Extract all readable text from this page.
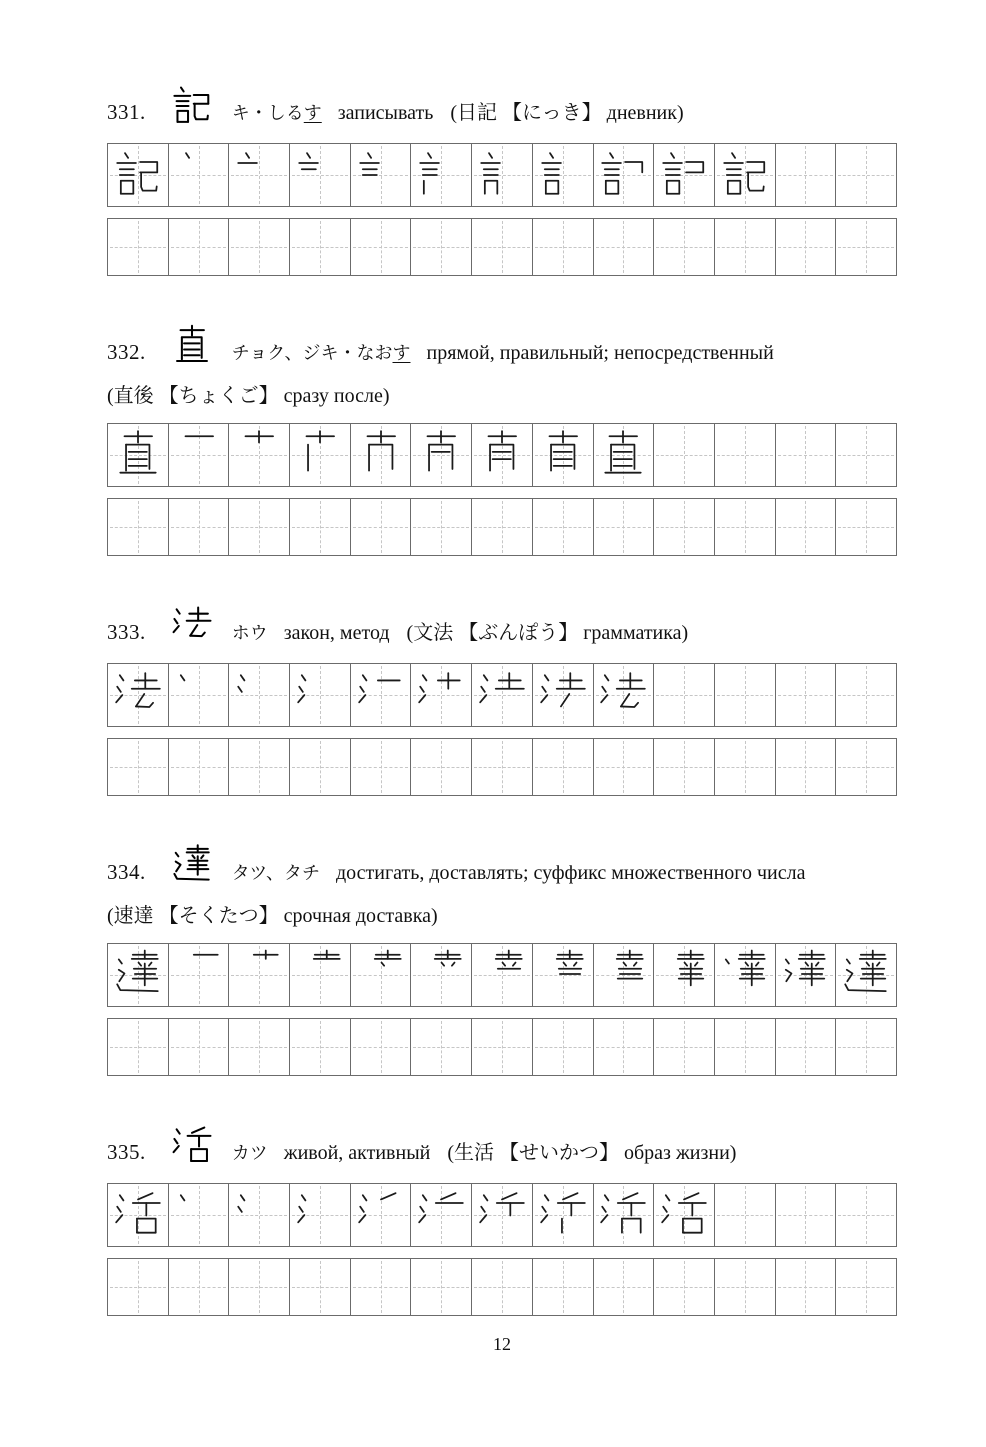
331.	キ・しるす записывать (日記 【にっき】 дневник)
332.	チョク、ジキ・なおす прямой, правильный; непосредственный
(直後 【ちょくご】 сразу после)
333.	ホウ закон, метод (文法 【ぶんぽう】 грамматика)
334.	タツ、タチ достигать, доставлять; суффикс множественного числа
(速達 【そくたつ】 срочная доставка)
335.	カツ живой, активный (生活 【せいかつ】 образ жизни)
12
